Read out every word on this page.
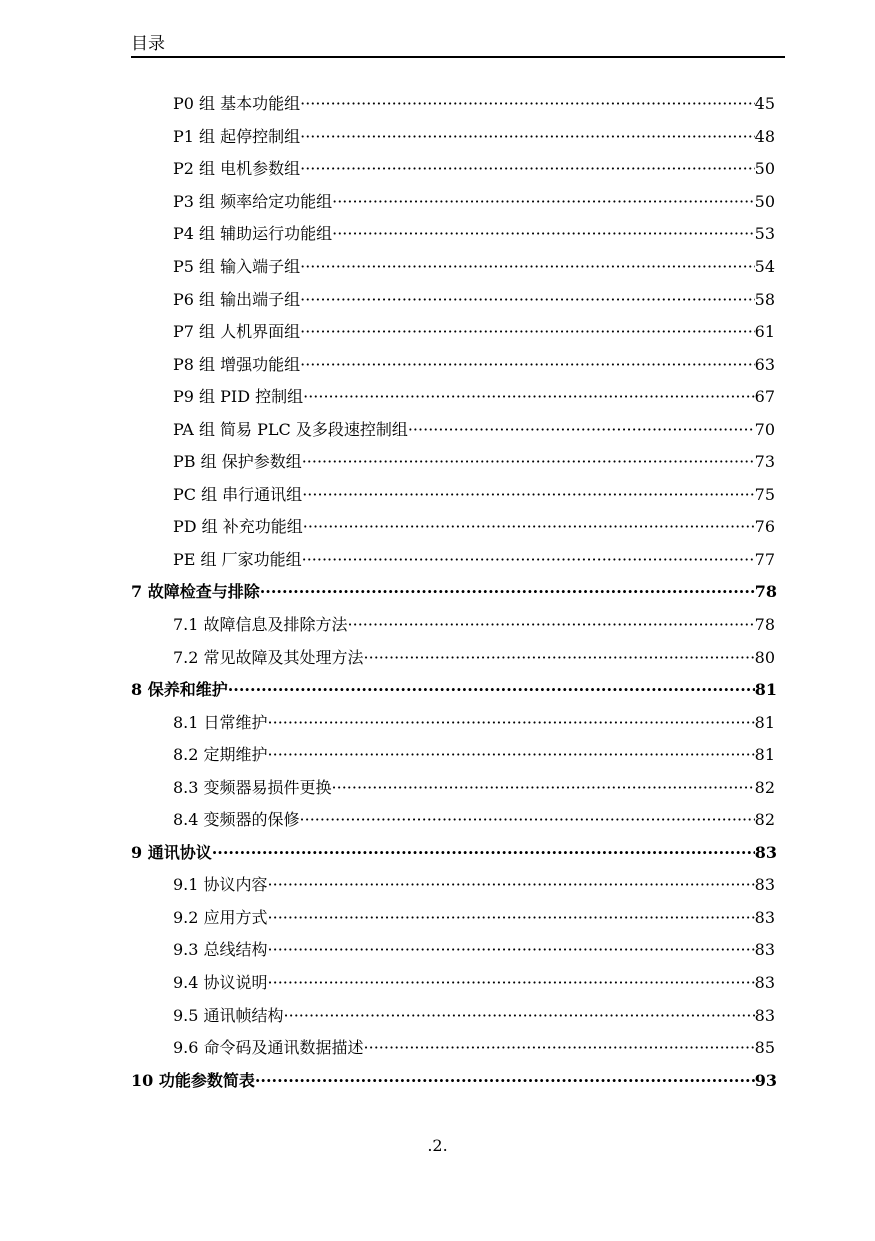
目录
P0 组 基本功能组 ·····	45
P1 组 起停控制组 ·····	48
P2 组 电机参数组 ·····	50
P3 组 频率给定功能组 ·····	50
P4 组 辅助运行功能组 ·····	53
P5 组 输入端子组 ·····	54
P6 组 输出端子组 ·····	58
P7 组 人机界面组 ·····	61
P8 组 增强功能组 ·····	63
P9 组 PID 控制组 ·····	67
PA 组 简易 PLC 及多段速控制组 ·····	70
PB 组 保护参数组 ·····	73
PC 组 串行通讯组 ·····	75
PD 组 补充功能组 ·····	76
PE 组 厂家功能组 ·····	77
7 故障检查与排除 ·····	78
7.1 故障信息及排除方法 ·····	78
7.2 常见故障及其处理方法 ·····	80
8 保养和维护 ·····	81
8.1 日常维护 ·····	81
8.2 定期维护 ·····	81
8.3 变频器易损件更换 ·····	82
8.4 变频器的保修 ·····	82
9 通讯协议 ·····	83
9.1 协议内容 ·····	83
9.2 应用方式 ·····	83
9.3 总线结构 ·····	83
9.4 协议说明 ·····	83
9.5 通讯帧结构 ·····	83
9.6 命令码及通讯数据描述 ·····	85
10 功能参数简表 ·····	93
.2.
